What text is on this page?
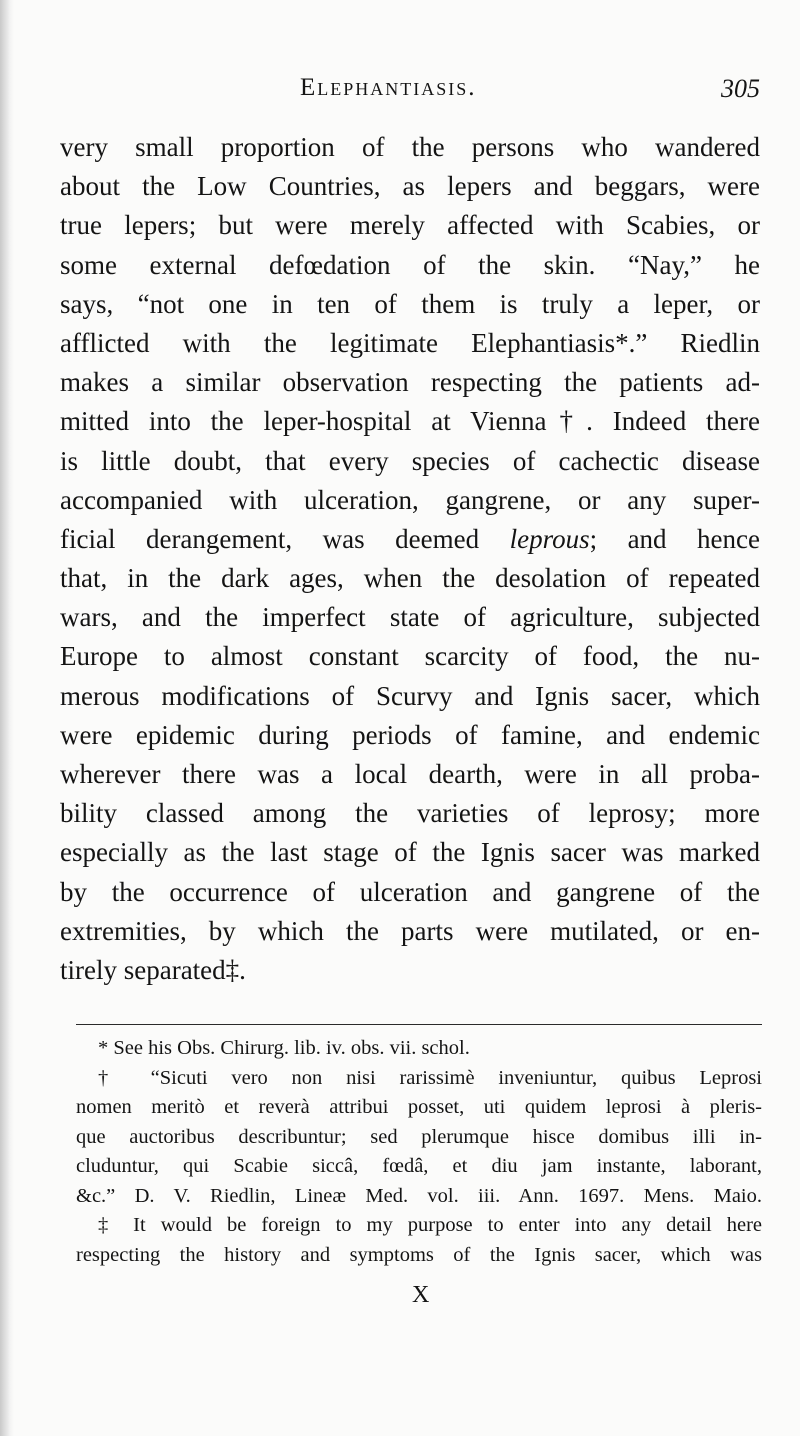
Elephantiasis.	305
very small proportion of the persons who wandered
about the Low Countries, as lepers and beggars, were
true lepers; but were merely affected with Scabies, or
some external defœdation of the skin. “Nay,” he
says, “not one in ten of them is truly a leper, or
afflicted with the legitimate Elephantiasis*.” Riedlin
makes a similar observation respecting the patients ad-
mitted into the leper-hospital at Vienna†. Indeed there
is little doubt, that every species of cachectic disease
accompanied with ulceration, gangrene, or any super-
ficial derangement, was deemed leprous; and hence
that, in the dark ages, when the desolation of repeated
wars, and the imperfect state of agriculture, subjected
Europe to almost constant scarcity of food, the nu-
merous modifications of Scurvy and Ignis sacer, which
were epidemic during periods of famine, and endemic
wherever there was a local dearth, were in all proba-
bility classed among the varieties of leprosy; more
especially as the last stage of the Ignis sacer was marked
by the occurrence of ulceration and gangrene of the
extremities, by which the parts were mutilated, or en-
tirely separated‡.
* See his Obs. Chirurg. lib. iv. obs. vii. schol.
† “Sicuti vero non nisi rarissimè inveniuntur, quibus Leprosi
nomen meritò et reverà attribui posset, uti quidem leprosi à pleris-
que auctoribus describuntur; sed plerumque hisce domibus illi in-
cluduntur, qui Scabie siccâ, fœdâ, et diu jam instante, laborant,
&c.” D. V. Riedlin, Lineæ Med. vol. iii. Ann. 1697. Mens. Maio.
‡ It would be foreign to my purpose to enter into any detail here
respecting the history and symptoms of the Ignis sacer, which was
X
